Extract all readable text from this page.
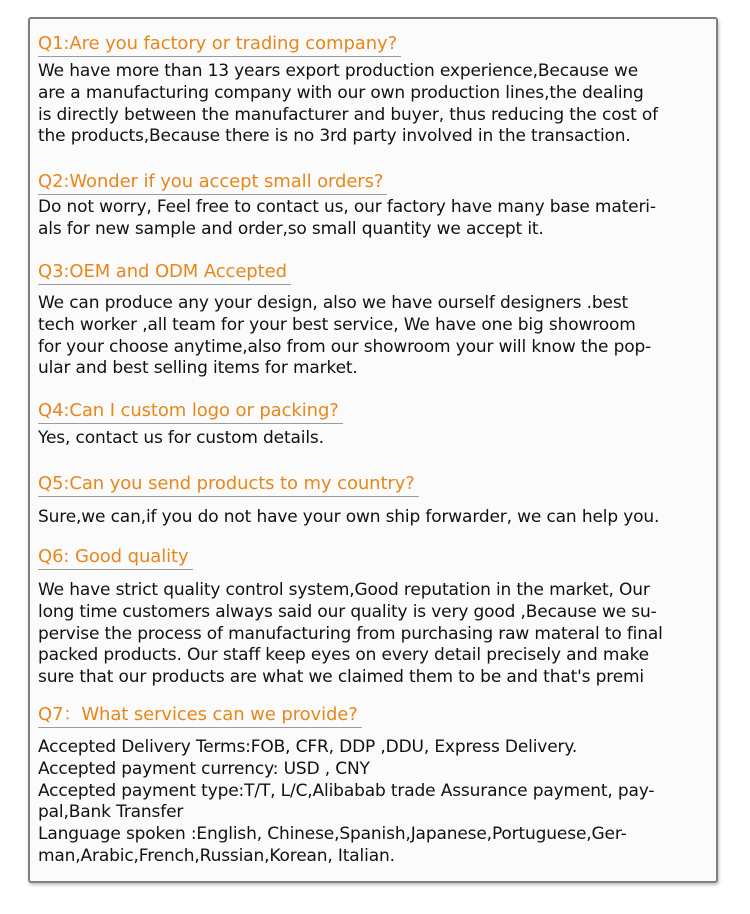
Q1:Are you factory or trading company?
We have more than 13 years export production experience,Because we
are a manufacturing company with our own production lines,the dealing
is directly between the manufacturer and buyer, thus reducing the cost of
the products,Because there is no 3rd party involved in the transaction.
Q2:Wonder if you accept small orders?
Do not worry, Feel free to contact us, our factory have many base materi-
als for new sample and order,so small quantity we accept it.
Q3:OEM and ODM Accepted
We can produce any your design, also we have ourself designers .best
tech worker ,all team for your best service, We have one big showroom
for your choose anytime,also from our showroom your will know the pop-
ular and best selling items for market.
Q4:Can I custom logo or packing?
Yes, contact us for custom details.
Q5:Can you send products to my country?
Sure,we can,if you do not have your own ship forwarder, we can help you.
Q6: Good quality
We have strict quality control system,Good reputation in the market, Our
long time customers always said our quality is very good ,Because we su-
pervise the process of manufacturing from purchasing raw materal to final
packed products. Our staff keep eyes on every detail precisely and make
sure that our products are what we claimed them to be and that's premi
Q7：What services can we provide?
Accepted Delivery Terms:FOB, CFR, DDP ,DDU, Express Delivery.
Accepted payment currency: USD , CNY
Accepted payment type:T/T, L/C,Alibabab trade Assurance payment, pay-
pal,Bank Transfer
Language spoken :English, Chinese,Spanish,Japanese,Portuguese,Ger-
man,Arabic,French,Russian,Korean, Italian.
